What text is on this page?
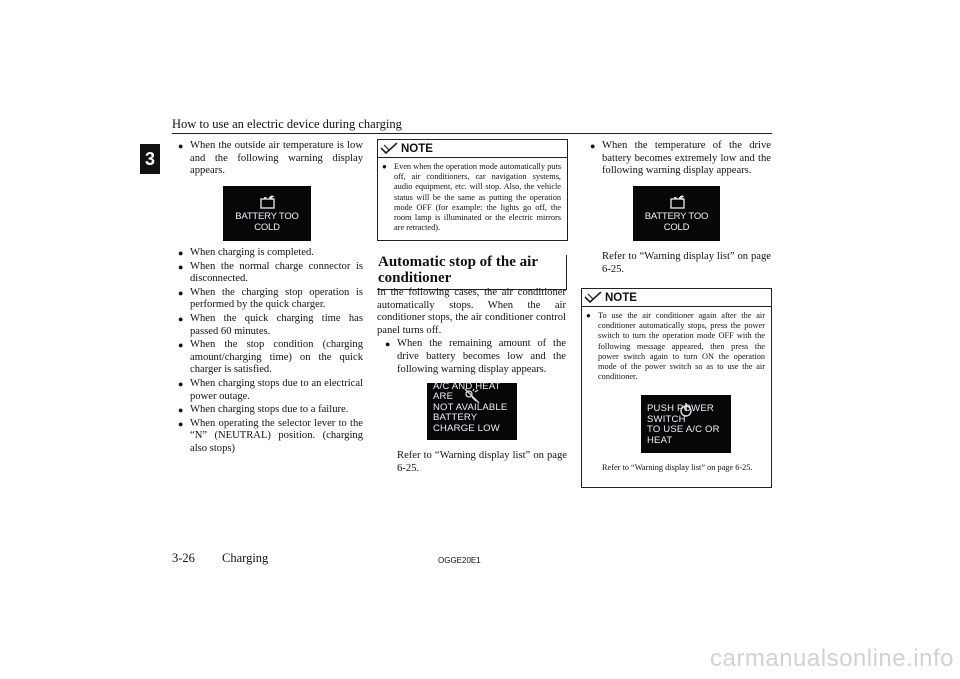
How to use an electric device during charging
3
● When the outside air temperature is low and the following warning display appears.
BATTERY TOO COLD
● When charging is completed.
● When the normal charge connector is disconnected.
● When the charging stop operation is performed by the quick charger.
● When the quick charging time has passed 60 minutes.
● When the stop condition (charging amount/charging time) on the quick charger is satisfied.
● When charging stops due to an electrical power outage.
● When charging stops due to a failure.
● When operating the selector lever to the “N” (NEUTRAL) position. (charging also stops)
NOTE
● Even when the operation mode automatically puts off, air conditioners, car navigation systems, audio equipment, etc. will stop. Also, the vehicle status will be the same as putting the operation mode OFF (for example: the lights go off, the room lamp is illuminated or the electric mirrors are retracted).
Automatic stop of the air conditioner

In the following cases, the air conditioner automatically stops. When the air conditioner stops, the air conditioner control panel turns off.

● When the remaining amount of the drive battery becomes low and the following warning display appears.
A/C AND HEAT ARE
NOT AVAILABLE
BATTERY CHARGE LOW
Refer to “Warning display list” on page 6-25.
● When the temperature of the drive battery becomes extremely low and the following warning display appears.
BATTERY TOO COLD
Refer to “Warning display list” on page 6-25.
NOTE
● To use the air conditioner again after the air conditioner automatically stops, press the power switch to turn the operation mode OFF with the following message appeared, then press the power switch again to turn ON the operation mode of the power switch so as to use the air conditioner.
PUSH POWER SWITCH
TO USE A/C OR HEAT
Refer to “Warning display list” on page 6-25.
3-26 Charging	OGGE20E1
carmanualsonline.info
